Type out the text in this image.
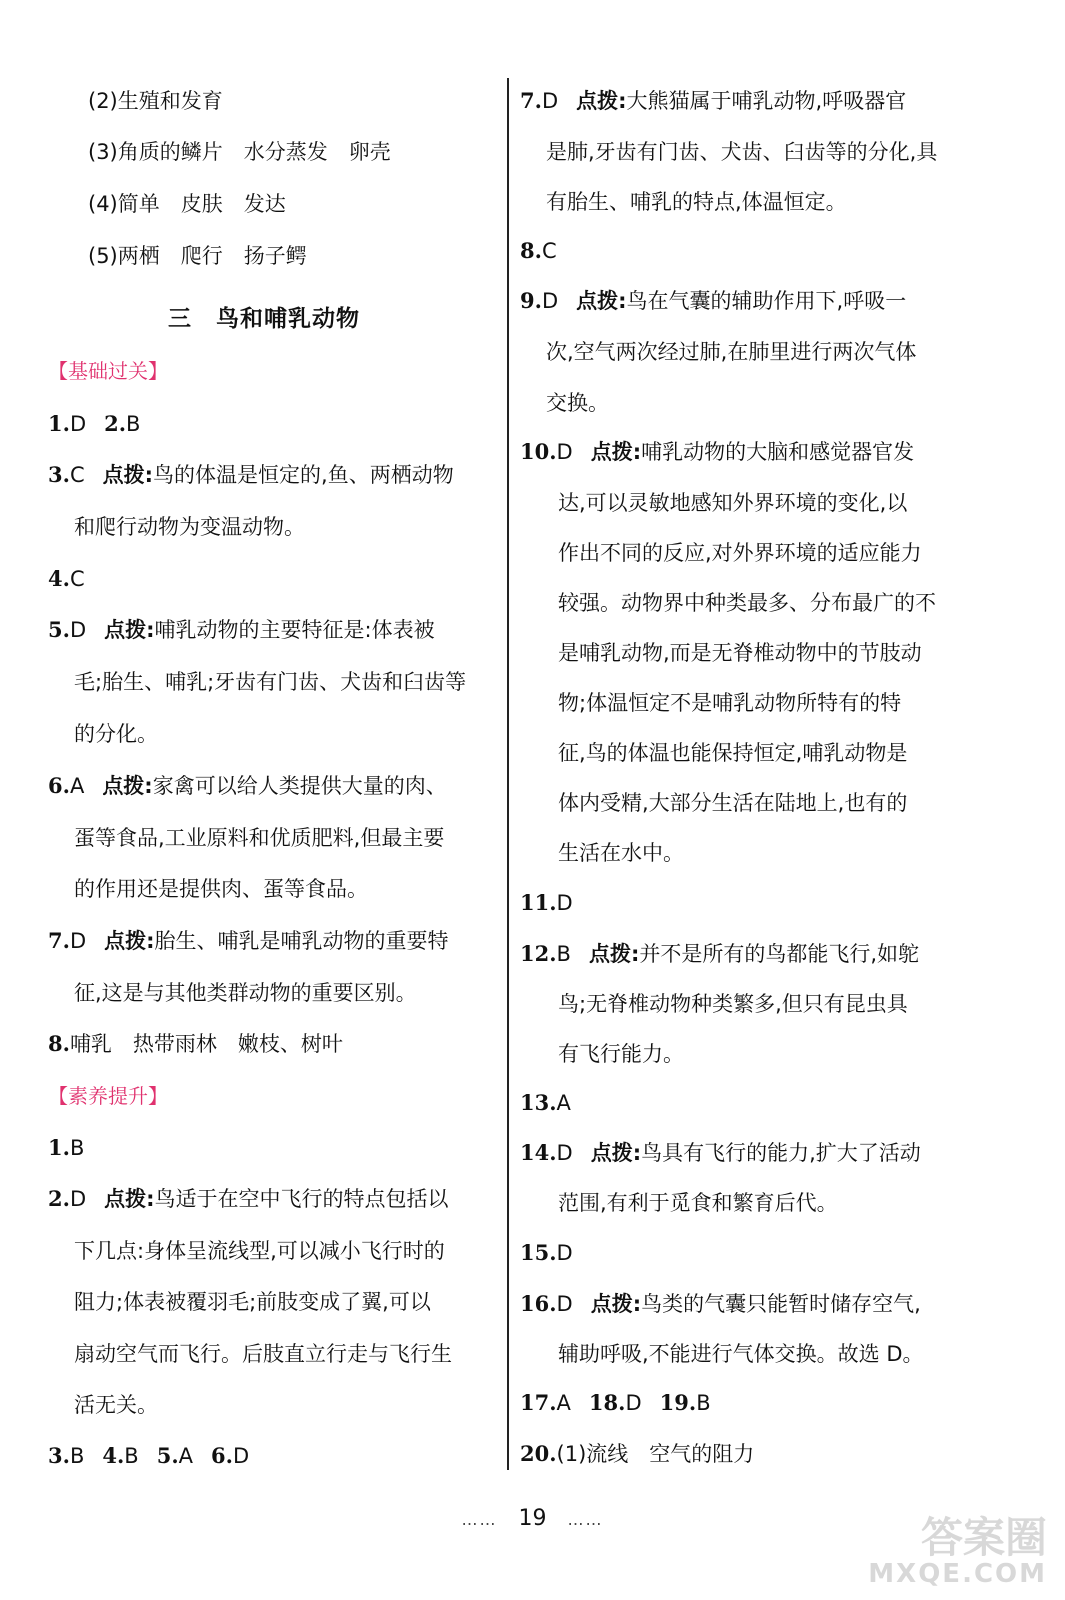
(2)生殖和发育
(3)角质的鳞片　水分蒸发　卵壳
(4)简单　皮肤　发达
(5)两栖　爬行　扬子鳄
三　鸟和哺乳动物
【基础过关】
1.D 2.B
3.C 点拨:鸟的体温是恒定的,鱼、两栖动物
和爬行动物为变温动物。
4.C
5.D 点拨:哺乳动物的主要特征是:体表被
毛;胎生、哺乳;牙齿有门齿、犬齿和臼齿等
的分化。
6.A 点拨:家禽可以给人类提供大量的肉、
蛋等食品,工业原料和优质肥料,但最主要
的作用还是提供肉、蛋等食品。
7.D 点拨:胎生、哺乳是哺乳动物的重要特
征,这是与其他类群动物的重要区别。
8.哺乳　热带雨林　嫩枝、树叶
【素养提升】
1.B
2.D 点拨:鸟适于在空中飞行的特点包括以
下几点:身体呈流线型,可以减小飞行时的
阻力;体表被覆羽毛;前肢变成了翼,可以
扇动空气而飞行。后肢直立行走与飞行生
活无关。
3.B 4.B 5.A 6.D
7.D 点拨:大熊猫属于哺乳动物,呼吸器官
是肺,牙齿有门齿、犬齿、臼齿等的分化,具
有胎生、哺乳的特点,体温恒定。
8.C
9.D 点拨:鸟在气囊的辅助作用下,呼吸一
次,空气两次经过肺,在肺里进行两次气体
交换。
10.D 点拨:哺乳动物的大脑和感觉器官发
达,可以灵敏地感知外界环境的变化,以
作出不同的反应,对外界环境的适应能力
较强。动物界中种类最多、分布最广的不
是哺乳动物,而是无脊椎动物中的节肢动
物;体温恒定不是哺乳动物所特有的特
征,鸟的体温也能保持恒定,哺乳动物是
体内受精,大部分生活在陆地上,也有的
生活在水中。
11.D
12.B 点拨:并不是所有的鸟都能飞行,如鸵
鸟;无脊椎动物种类繁多,但只有昆虫具
有飞行能力。
13.A
14.D 点拨:鸟具有飞行的能力,扩大了活动
范围,有利于觅食和繁育后代。
15.D
16.D 点拨:鸟类的气囊只能暂时储存空气,
辅助呼吸,不能进行气体交换。故选 D。
17.A 18.D 19.B
20.(1)流线　空气的阻力
…… 19 ……	答案圈
MXQE.COM
